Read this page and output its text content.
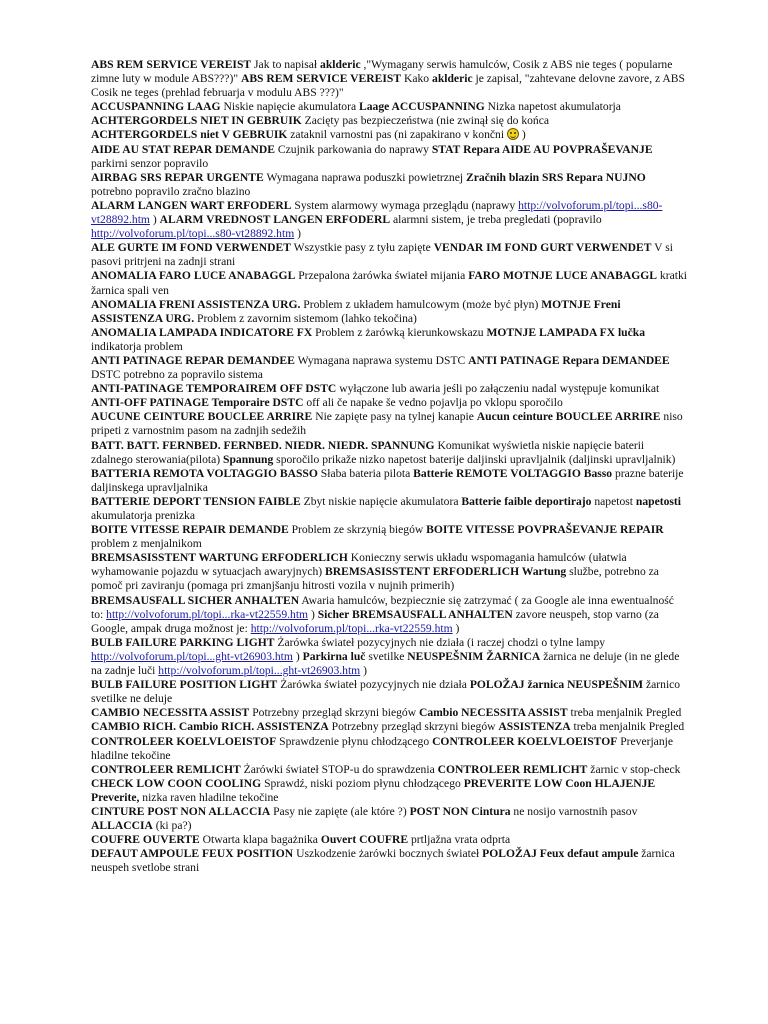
ABS REM SERVICE VEREIST Jak to napisał aklderic ,"Wymagany serwis hamulców, Cosik z ABS nie teges ( popularne zimne luty w module ABS???)" ABS REM SERVICE VEREIST Kako aklderic je zapisal, "zahtevane delovne zavore, z ABS Cosik ne teges (prehlad februarja v modulu ABS ???)"

ACCUSPANNING LAAG Niskie napięcie akumulatora Laage ACCUSPANNING Nizka napetost akumulatorja

ACHTERGORDELS NIET IN GEBRUIK Zacięty pas bezpieczeństwa (nie zwinął się do końca

ACHTERGORDELS niet V GEBRUIK zataknil varnostni pas (ni zapakirano v končni  )

AIDE AU STAT REPAR DEMANDE Czujnik parkowania do naprawy STAT Repara AIDE AU POVPRAŠEVANJE parkirni senzor popravilo

AIRBAG SRS REPAR URGENTE Wymagana naprawa poduszki powietrznej Zračnih blazin SRS Repara NUJNO potrebno popravilo zračno blazino

ALARM LANGEN WART ERFODERL System alarmowy wymaga przeglądu (naprawy http://volvoforum.pl/topi...s80-vt28892.htm ) ALARM VREDNOST LANGEN ERFODERL alarmni sistem, je treba pregledati (popravilo http://volvoforum.pl/topi...s80-vt28892.htm )

ALE GURTE IM FOND VERWENDET Wszystkie pasy z tyłu zapięte VENDAR IM FOND GURT VERWENDET V si pasovi pritrjeni na zadnji strani

ANOMALIA FARO LUCE ANABAGGL Przepalona żarówka świateł mijania FARO MOTNJE LUCE ANABAGGL kratki žarnica spali ven

ANOMALIA FRENI ASSISTENZA URG. Problem z układem hamulcowym (może być płyn) MOTNJE Freni ASSISTENZA URG. Problem z zavornim sistemom (lahko tekočina)

ANOMALIA LAMPADA INDICATORE FX Problem z żarówką kierunkowskazu MOTNJE LAMPADA FX lučka indikatorja problem

ANTI PATINAGE REPAR DEMANDEE Wymagana naprawa systemu DSTC ANTI PATINAGE Repara DEMANDEE DSTC potrebno za popravilo sistema

ANTI-PATINAGE TEMPORAIREM OFF DSTC wyłączone lub awaria jeśli po załączeniu nadal występuje komunikat ANTI-OFF PATINAGE Temporaire DSTC off ali če napake še vedno pojavlja po vklopu sporočilo

AUCUNE CEINTURE BOUCLEE ARRIRE Nie zapięte pasy na tylnej kanapie Aucun ceinture BOUCLEE ARRIRE niso pripeti z varnostnim pasom na zadnjih sedežih

BATT. BATT. FERNBED. FERNBED. NIEDR. NIEDR. SPANNUNG Komunikat wyświetla niskie napięcie baterii zdalnego sterowania(pilota) Spannung sporočilo prikaže nizko napetost baterije daljinski upravljalnik (daljinski upravljalnik)

BATTERIA REMOTA VOLTAGGIO BASSO Słaba bateria pilota Batterie REMOTE VOLTAGGIO Basso prazne baterije daljinskega upravljalnika

BATTERIE DEPORT TENSION FAIBLE Zbyt niskie napięcie akumulatora Batterie faible deportirajo napetost napetosti akumulatorja prenizka

BOITE VITESSE REPAIR DEMANDE Problem ze skrzynią biegów BOITE VITESSE POVPRAŠEVANJE REPAIR problem z menjalnikom

BREMSASISSTENT WARTUNG ERFODERLICH Konieczny serwis układu wspomagania hamulców (ułatwia wyhamowanie pojazdu w sytuacjach awaryjnych) BREMSASISSTENT ERFODERLICH Wartung službe, potrebno za pomoč pri zaviranju (pomaga pri zmanjšanju hitrosti vozila v nujnih primerih)

BREMSAUSFALL SICHER ANHALTEN Awaria hamulców, bezpiecznie się zatrzymać ( za Google ale inna ewentualność to: http://volvoforum.pl/topi...rka-vt22559.htm ) Sicher BREMSAUSFALL ANHALTEN zavore neuspeh, stop varno (za Google, ampak druga možnost je: http://volvoforum.pl/topi...rka-vt22559.htm )

BULB FAILURE PARKING LIGHT Żarówka świateł pozycyjnych nie działa (i raczej chodzi o tylne lampy http://volvoforum.pl/topi...ght-vt26903.htm ) Parkirna luč svetilke NEUSPEŠNIM ŽARNICA žarnica ne deluje (in ne glede na zadnje luči http://volvoforum.pl/topi...ght-vt26903.htm )

BULB FAILURE POSITION LIGHT Żarówka świateł pozycyjnych nie działa POLOŽAJ žarnica NEUSPEŠNIM žarnico svetilke ne deluje

CAMBIO NECESSITA ASSIST Potrzebny przegląd skrzyni biegów Cambio NECESSITA ASSIST treba menjalnik Pregled

CAMBIO RICH. Cambio RICH. ASSISTENZA Potrzebny przegląd skrzyni biegów ASSISTENZA treba menjalnik Pregled

CONTROLEER KOELVLOEISTOF Sprawdzenie płynu chłodzącego CONTROLEER KOELVLOEISTOF Preverjanje hladilne tekočine

CONTROLEER REMLICHT Żarówki świateł STOP-u do sprawdzenia CONTROLEER REMLICHT žarnic v stop-check

CHECK LOW COON COOLING Sprawdź, niski poziom płynu chłodzącego PREVERITE LOW Coon HLAJENJE Preverite, nizka raven hladilne tekočine

CINTURE POST NON ALLACCIA Pasy nie zapięte (ale które ?) POST NON Cintura ne nosijo varnostnih pasov ALLACCIA (ki pa?)

COUFRE OUVERTE Otwarta klapa bagażnika Ouvert COUFRE prtljažna vrata odprta

DEFAUT AMPOULE FEUX POSITION Uszkodzenie żarówki bocznych świateł POLOŽAJ Feux defaut ampule žarnica neuspeh svetlobe strani
